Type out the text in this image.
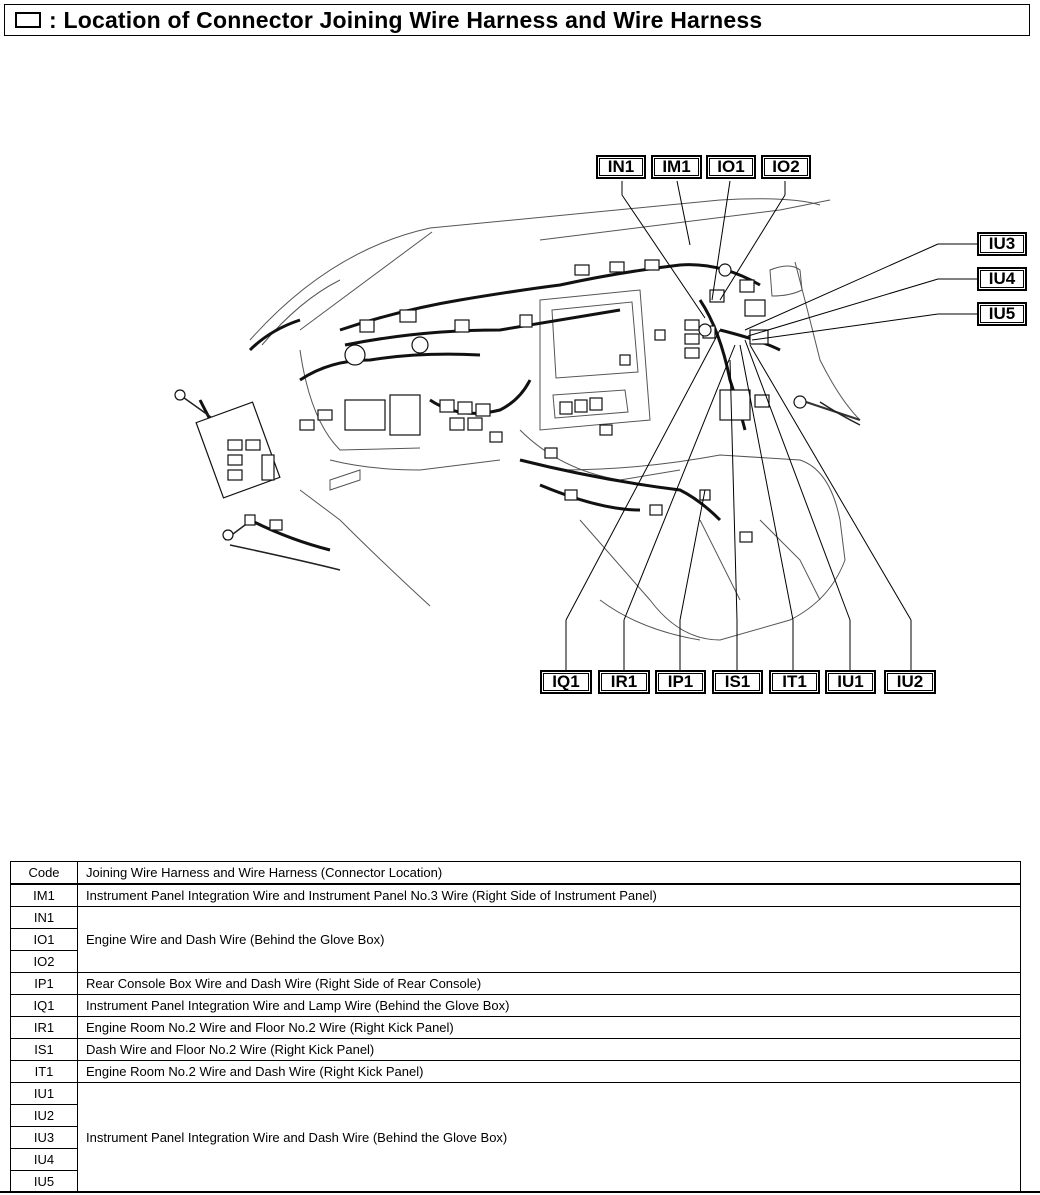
: Location of Connector Joining Wire Harness and Wire Harness
IN1	IM1	IO1	IO2
IU3
IU4
IU5
IQ1	IR1	IP1	IS1	IT1	IU1	IU2
Code	Joining Wire Harness and Wire Harness (Connector Location)
IM1	Instrument Panel Integration Wire and Instrument Panel No.3 Wire (Right Side of Instrument Panel)
IN1	Engine Wire and Dash Wire (Behind the Glove Box)
IO1	
IO2	
IP1	Rear Console Box Wire and Dash Wire (Right Side of Rear Console)
IQ1	Instrument Panel Integration Wire and Lamp Wire (Behind the Glove Box)
IR1	Engine Room No.2 Wire and Floor No.2 Wire (Right Kick Panel)
IS1	Dash Wire and Floor No.2 Wire (Right Kick Panel)
IT1	Engine Room No.2 Wire and Dash Wire (Right Kick Panel)
IU1	Instrument Panel Integration Wire and Dash Wire (Behind the Glove Box)
IU2	
IU3	
IU4	
IU5	
